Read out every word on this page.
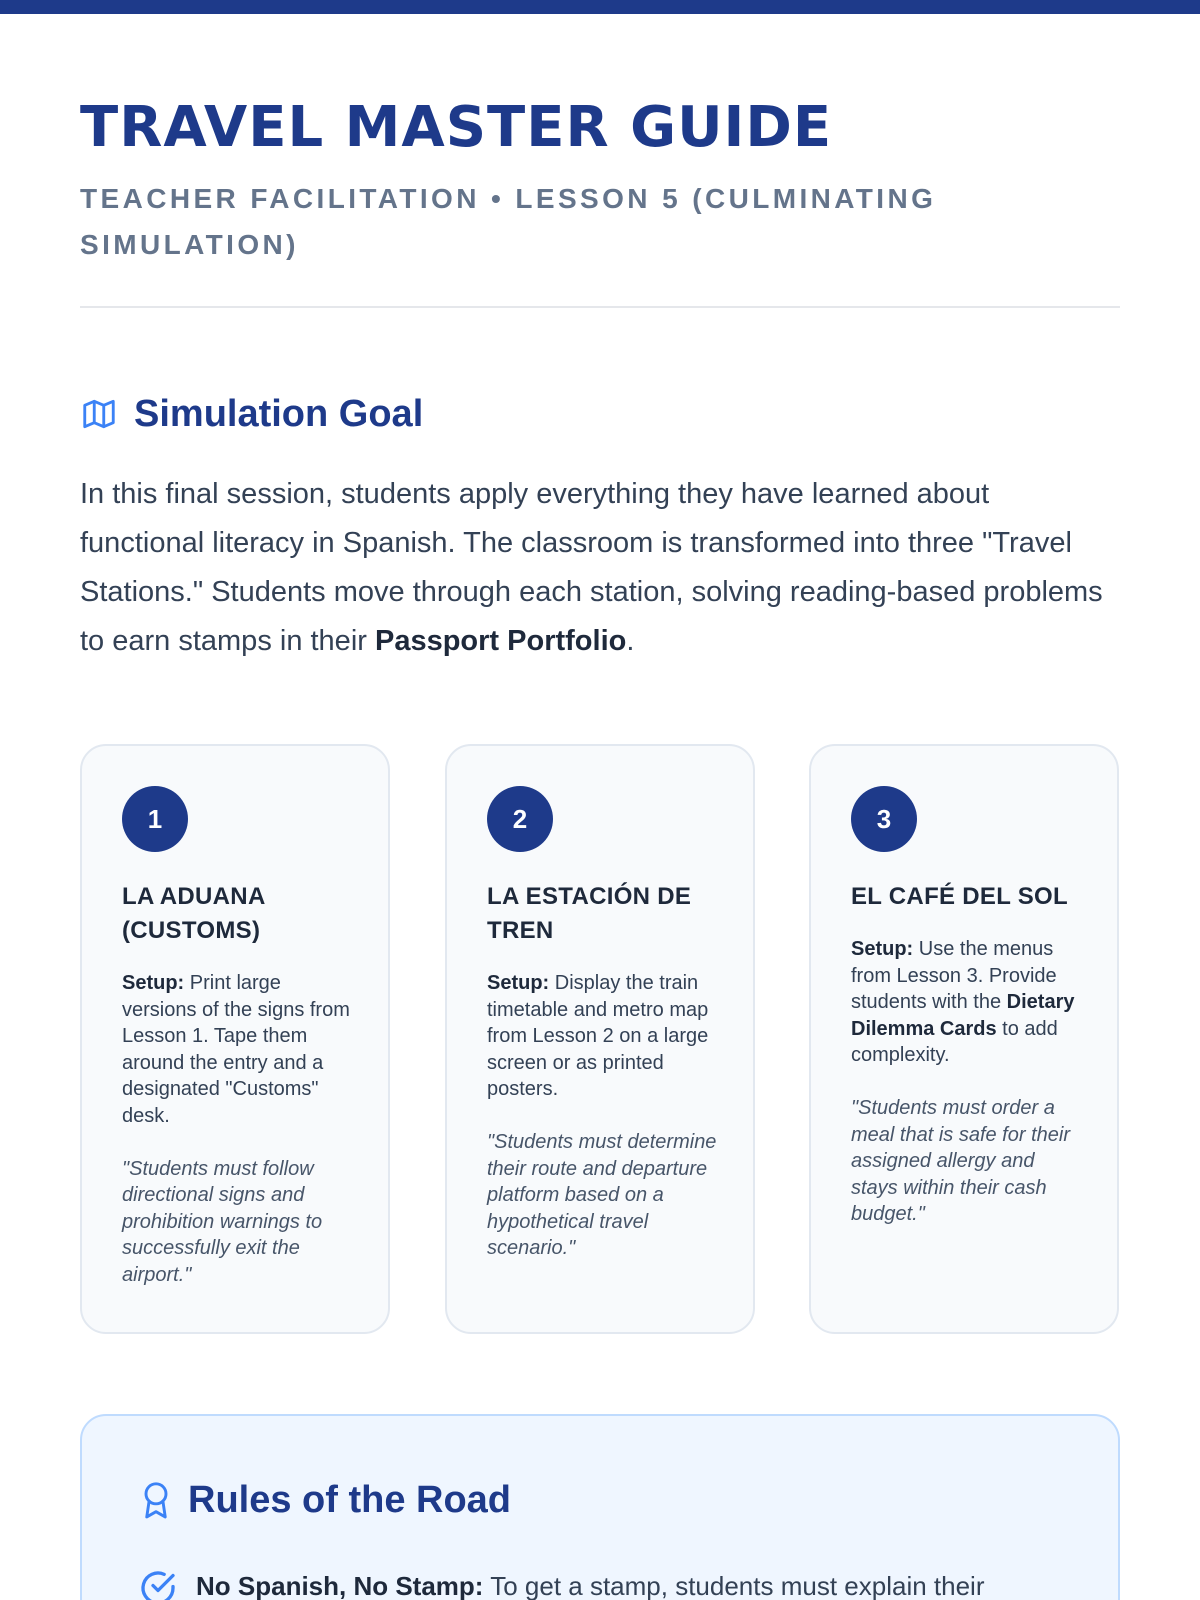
TRAVEL MASTER GUIDE
TEACHER FACILITATION • LESSON 5 (CULMINATING SIMULATION)
Simulation Goal

In this final session, students apply everything they have learned about functional literacy in Spanish. The classroom is transformed into three "Travel Stations." Students move through each station, solving reading-based problems to earn stamps in their Passport Portfolio.

1
LA ADUANA (CUSTOMS)

Setup: Print large versions of the signs from Lesson 1. Tape them around the entry and a designated "Customs" desk.

"Students must follow directional signs and prohibition warnings to successfully exit the airport."

2
LA ESTACIÓN DE TREN

Setup: Display the train timetable and metro map from Lesson 2 on a large screen or as printed posters.

"Students must determine their route and departure platform based on a hypothetical travel scenario."

3
EL CAFÉ DEL SOL

Setup: Use the menus from Lesson 3. Provide students with the Dietary Dilemma Cards to add complexity.

"Students must order a meal that is safe for their assigned allergy and stays within their cash budget."

Rules of the Road

No Spanish, No Stamp: To get a stamp, students must explain their
